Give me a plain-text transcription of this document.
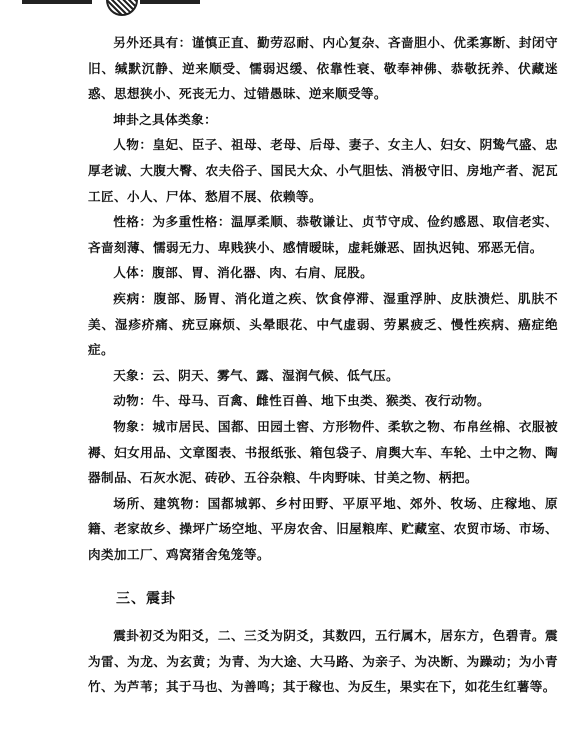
另外还具有：谨慎正直、勤劳忍耐、内心复杂、吝啬胆小、优柔寡断、封闭守旧、缄默沉静、逆来顺受、懦弱迟缓、依靠性衰、敬奉神佛、恭敬抚养、伏藏迷惑、思想狭小、死丧无力、过错愚昧、逆来顺受等。

坤卦之具体类象：

人物：皇妃、臣子、祖母、老母、后母、妻子、女主人、妇女、阴鸷气盛、忠厚老诚、大腹大臀、农夫俗子、国民大众、小气胆怯、消极守旧、房地产者、泥瓦工匠、小人、尸体、愁眉不展、依赖等。

性格：为多重性格：温厚柔顺、恭敬谦让、贞节守成、俭约感恩、取信老实、吝啬刻薄、懦弱无力、卑贱狭小、感情暧昧，虚耗嫌恶、固执迟钝、邪恶无信。

人体：腹部、胃、消化器、肉、右肩、屁股。

疾病：腹部、肠胃、消化道之疾、饮食停滞、湿重浮肿、皮肤溃烂、肌肤不美、湿疹疥痛、疣豆麻烦、头晕眼花、中气虚弱、劳累疲乏、慢性疾病、癌症绝症。

天象：云、阴天、雾气、露、湿润气候、低气压。

动物：牛、母马、百禽、雌性百兽、地下虫类、猴类、夜行动物。

物象：城市居民、国都、田园土窖、方形物件、柔软之物、布帛丝棉、衣服被褥、妇女用品、文章图表、书报纸张、箱包袋子、肩舆大车、车轮、土中之物、陶器制品、石灰水泥、砖砂、五谷杂粮、牛肉野味、甘美之物、柄把。

场所、建筑物：国都城郭、乡村田野、平原平地、郊外、牧场、庄稼地、原籍、老家故乡、操坪广场空地、平房农舍、旧屋粮库、贮藏室、农贸市场、市场、肉类加工厂、鸡窝猪舍兔笼等。

三、震卦

震卦初爻为阳爻，二、三爻为阴爻，其数四，五行属木，居东方，色碧青。震为雷、为龙、为玄黄；为青、为大途、大马路、为亲子、为决断、为躁动；为小青竹、为芦苇；其于马也、为善鸣；其于稼也、为反生，果实在下，如花生红薯等。
